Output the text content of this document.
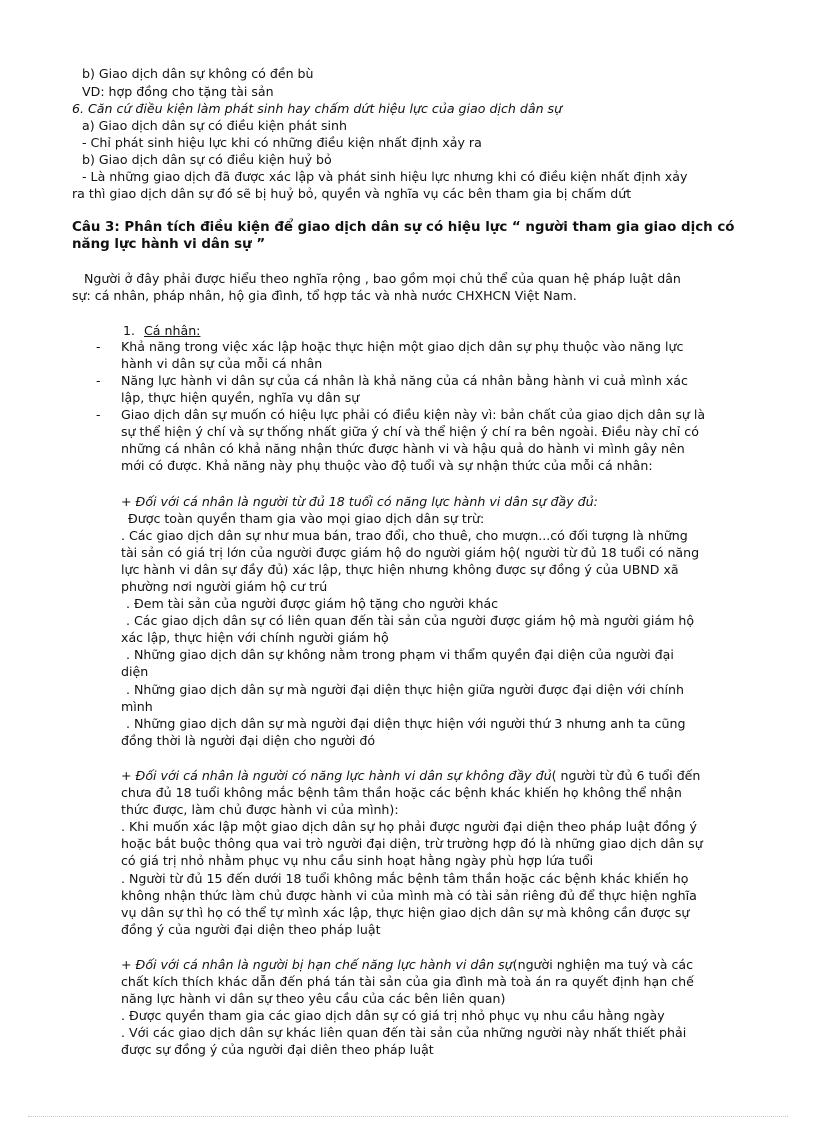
b) Giao dịch dân sự không có đền bù
VD: hợp đồng cho tặng tài sản
6. Căn cứ điều kiện làm phát sinh hay chấm dứt hiệu lực của giao dịch dân sự
a) Giao dịch dân sự có điều kiện phát sinh
- Chỉ phát sinh hiệu lực khi có những điều kiện nhất định xảy ra
b) Giao dịch dân sự có điều kiện huỷ bỏ
- Là những giao dịch đã được xác lập và phát sinh hiệu lực nhưng khi có điều kiện nhất định xảy
ra thì giao dịch dân sự đó sẽ bị huỷ bỏ, quyền và nghĩa vụ các bên tham gia bị chấm dứt
Câu 3: Phân tích điều kiện để giao dịch dân sự có hiệu lực “ người tham gia giao dịch có
năng lực hành vi dân sự ”
Người ở đây phải được hiểu theo nghĩa rộng , bao gồm mọi chủ thể của quan hệ pháp luật dân
sự: cá nhân, pháp nhân, hộ gia đình, tổ hợp tác và nhà nước CHXHCN Việt Nam.
1. Cá nhân:
- Khả năng trong việc xác lập hoặc thực hiện một giao dịch dân sự phụ thuộc vào năng lực
hành vi dân sự của mỗi cá nhân
- Năng lực hành vi dân sự của cá nhân là khả năng của cá nhân bằng hành vi cuả mình xác
lập, thực hiện quyền, nghĩa vụ dân sự
- Giao dịch dân sự muốn có hiệu lực phải có điều kiện này vì: bản chất của giao dịch dân sự là
sự thể hiện ý chí và sự thống nhất giữa ý chí và thể hiện ý chí ra bên ngoài. Điều này chỉ có
những cá nhân có khả năng nhận thức được hành vi và hậu quả do hành vi mình gây nên
mới có được. Khả năng này phụ thuộc vào độ tuổi và sự nhận thức của mỗi cá nhân:
+ Đối với cá nhân là người từ đủ 18 tuổi có năng lực hành vi dân sự đầy đủ:
Được toàn quyền tham gia vào mọi giao dịch dân sự trừ:
. Các giao dịch dân sự như mua bán, trao đổi, cho thuê, cho mượn...có đối tượng là những
tài sản có giá trị lớn của người được giám hộ do người giám hộ( người từ đủ 18 tuổi có năng
lực hành vi dân sự đầy đủ) xác lập, thực hiện nhưng không được sự đồng ý của UBND xã
phường nơi người giám hộ cư trú
. Đem tài sản của người được giám hộ tặng cho người khác
. Các giao dịch dân sự có liên quan đến tài sản của người được giám hộ mà người giám hộ
xác lập, thực hiện với chính người giám hộ
. Những giao dịch dân sự không nằm trong phạm vi thẩm quyền đại diện của người đại
diện
. Những giao dịch dân sự mà người đại diện thực hiện giữa người được đại diện với chính
mình
. Những giao dịch dân sự mà người đại diện thực hiện với người thứ 3 nhưng anh ta cũng
đồng thời là người đại diện cho người đó
+ Đối với cá nhân là người có năng lực hành vi dân sự không đầy đủ( người từ đủ 6 tuổi đến
chưa đủ 18 tuổi không mắc bệnh tâm thần hoặc các bệnh khác khiến họ không thể nhận
thức được, làm chủ được hành vi của mình):
. Khi muốn xác lập một giao dịch dân sự họ phải được người đại diện theo pháp luật đồng ý
hoặc bắt buộc thông qua vai trò người đại diện, trừ trường hợp đó là những giao dịch dân sự
có giá trị nhỏ nhằm phục vụ nhu cầu sinh hoạt hằng ngày phù hợp lứa tuổi
. Người từ đủ 15 đến dưới 18 tuổi không mắc bệnh tâm thần hoặc các bệnh khác khiến họ
không nhận thức làm chủ được hành vi của mình mà có tài sản riêng đủ để thực hiện nghĩa
vụ dân sự thì họ có thể tự mình xác lập, thực hiện giao dịch dân sự mà không cần được sự
đồng ý của người đại diện theo pháp luật
+ Đối với cá nhân là người bị hạn chế năng lực hành vi dân sự(người nghiện ma tuý và các
chất kích thích khác dẫn đến phá tán tài sản của gia đình mà toà án ra quyết định hạn chế
năng lực hành vi dân sự theo yêu cầu của các bên liên quan)
. Được quyền tham gia các giao dịch dân sự có giá trị nhỏ phục vụ nhu cầu hằng ngày
. Với các giao dịch dân sự khác liên quan đến tài sản của những người này nhất thiết phải
được sự đồng ý của người đại diên theo pháp luật
